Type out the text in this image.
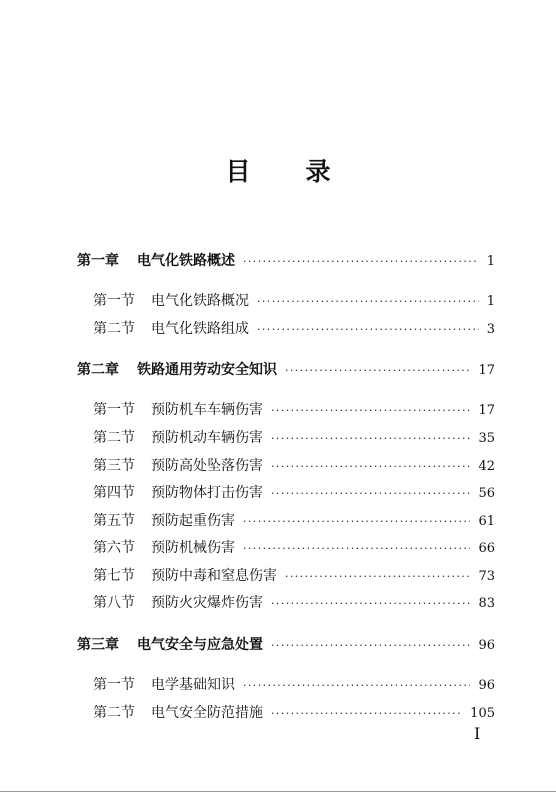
目录
第一章 电气化铁路概述 ·····	1
第一节 电气化铁路概况 ·····	1
第二节 电气化铁路组成 ·····	3
第二章 铁路通用劳动安全知识 ·····	17
第一节 预防机车车辆伤害 ·····	17
第二节 预防机动车辆伤害 ·····	35
第三节 预防高处坠落伤害 ·····	42
第四节 预防物体打击伤害 ·····	56
第五节 预防起重伤害 ·····	61
第六节 预防机械伤害 ·····	66
第七节 预防中毒和窒息伤害 ·····	73
第八节 预防火灾爆炸伤害 ·····	83
第三章 电气安全与应急处置 ·····	96
第一节 电学基础知识 ·····	96
第二节 电气安全防范措施 ·····	105
I
